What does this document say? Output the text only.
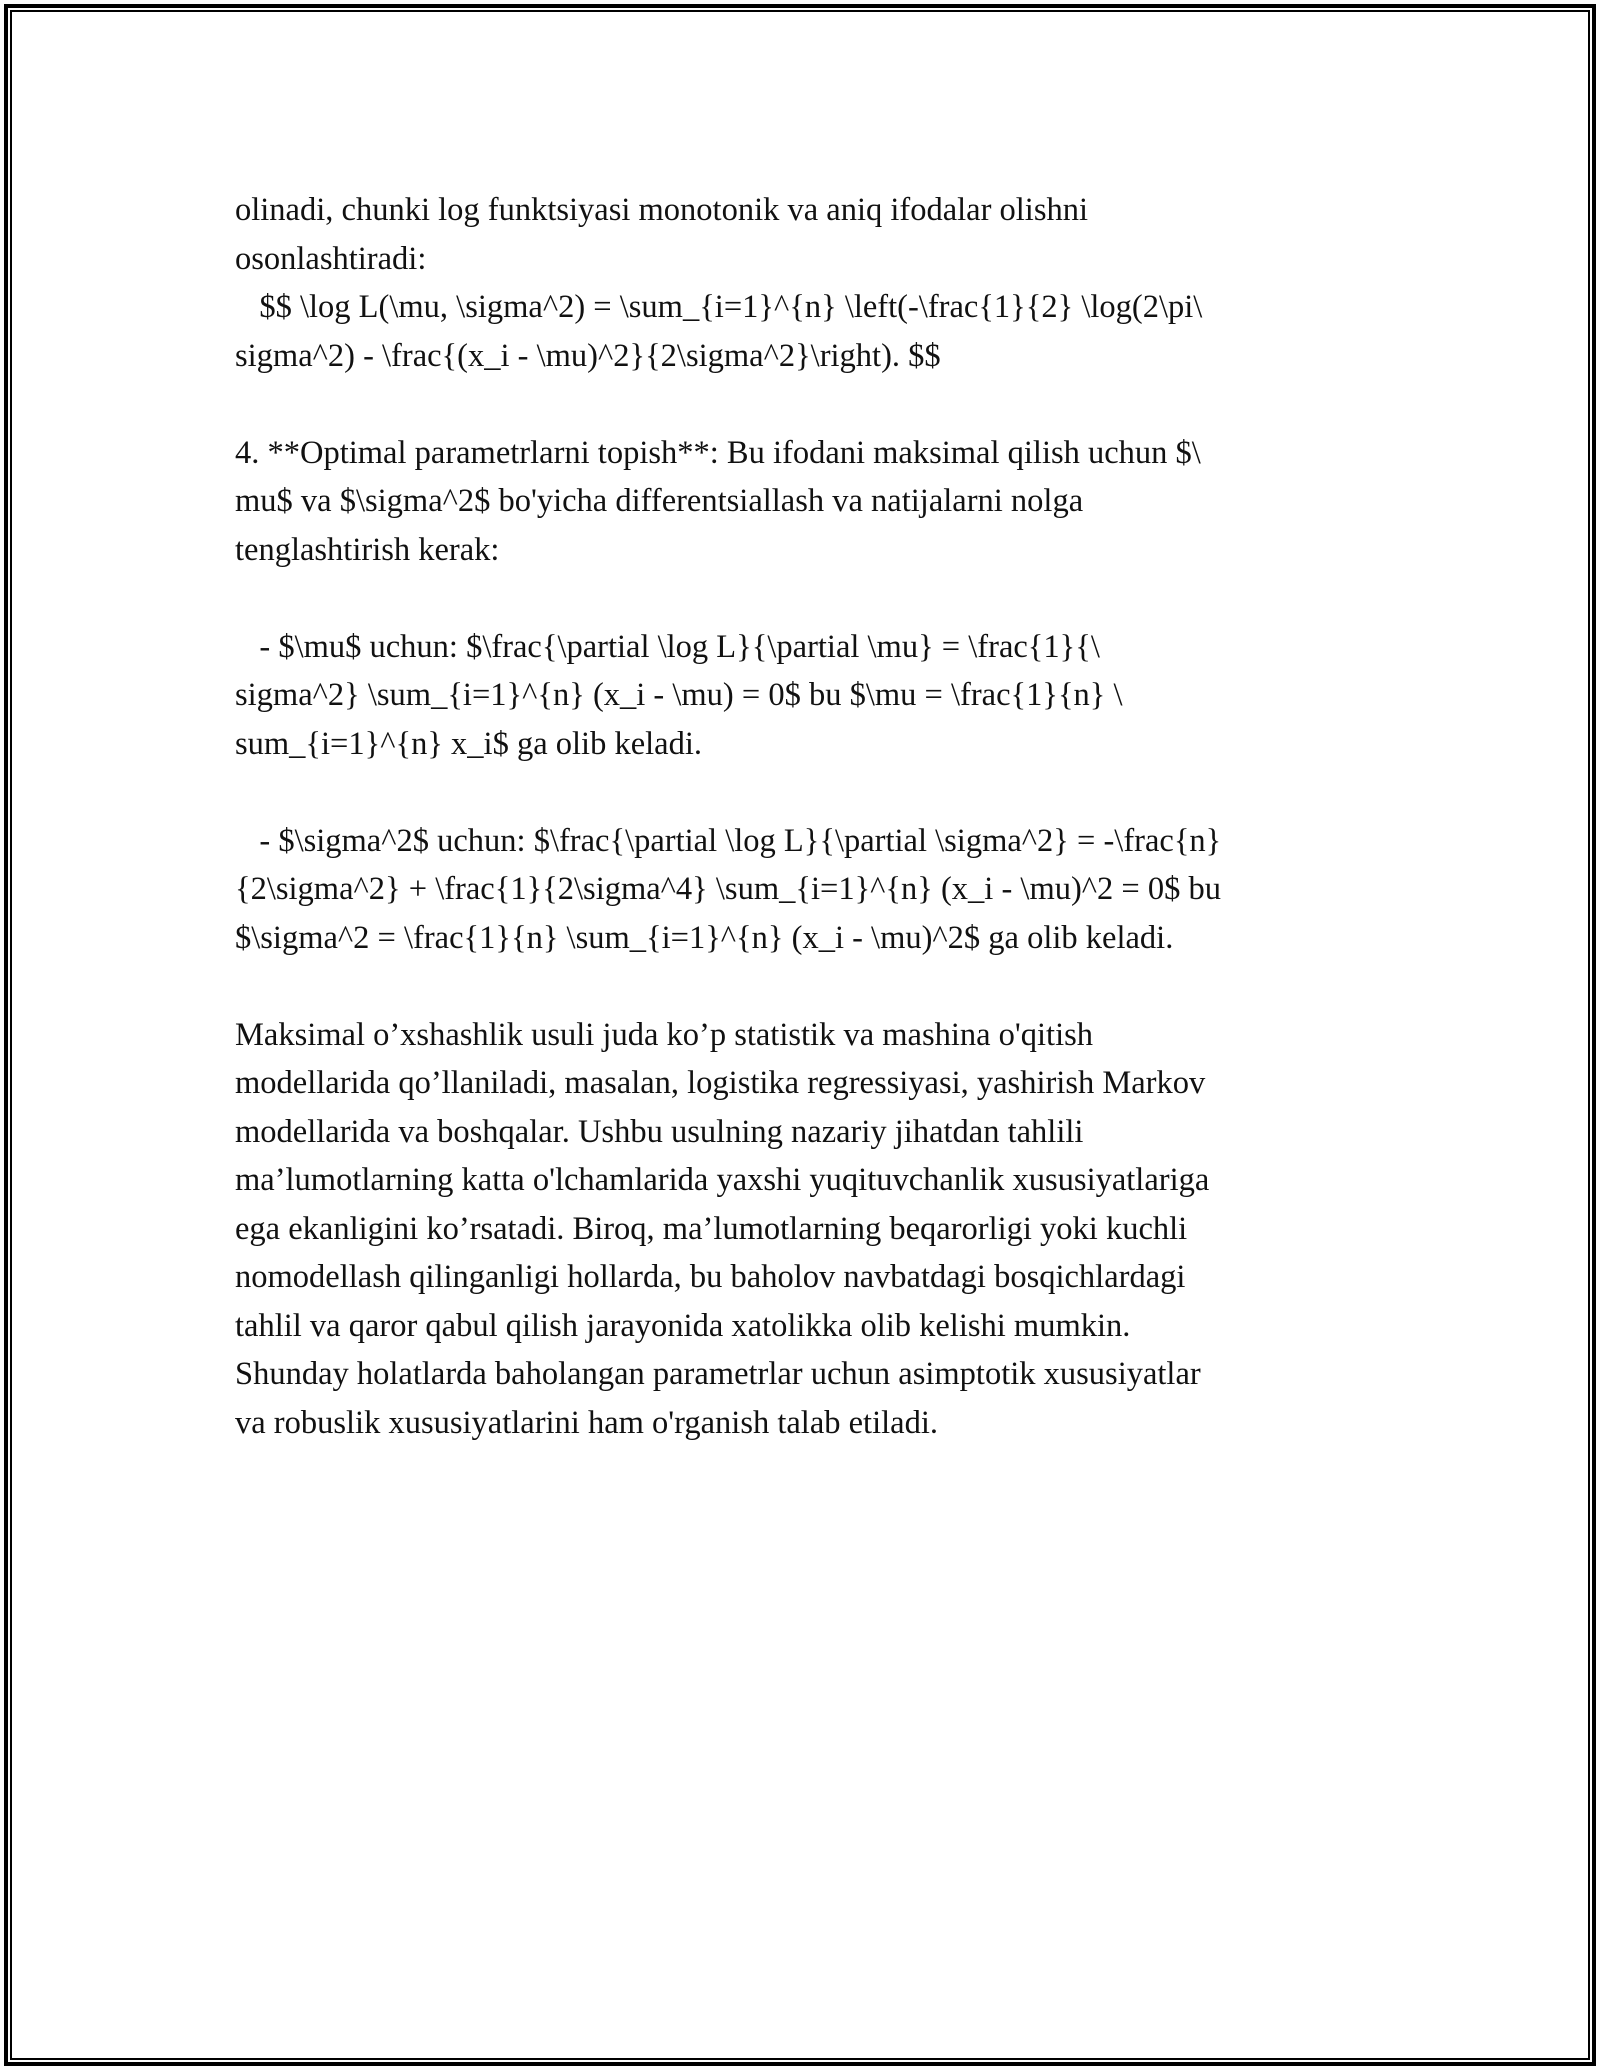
olinadi, chunki log funktsiyasi monotonik va aniq ifodalar olishni
osonlashtiradi:
$$ \log L(\mu, \sigma^2) = \sum_{i=1}^{n} \left(-\frac{1}{2} \log(2\pi\
sigma^2) - \frac{(x_i - \mu)^2}{2\sigma^2}\right). $$

4. **Optimal parametrlarni topish**: Bu ifodani maksimal qilish uchun $\
mu$ va $\sigma^2$ bo'yicha differentsiallash va natijalarni nolga
tenglashtirish kerak:

- $\mu$ uchun: $\frac{\partial \log L}{\partial \mu} = \frac{1}{\
sigma^2} \sum_{i=1}^{n} (x_i - \mu) = 0$ bu $\mu = \frac{1}{n} \
sum_{i=1}^{n} x_i$ ga olib keladi.

- $\sigma^2$ uchun: $\frac{\partial \log L}{\partial \sigma^2} = -\frac{n}
{2\sigma^2} + \frac{1}{2\sigma^4} \sum_{i=1}^{n} (x_i - \mu)^2 = 0$ bu
$\sigma^2 = \frac{1}{n} \sum_{i=1}^{n} (x_i - \mu)^2$ ga olib keladi.

Maksimal o’xshashlik usuli juda ko’p statistik va mashina o'qitish
modellarida qo’llaniladi, masalan, logistika regressiyasi, yashirish Markov
modellarida va boshqalar. Ushbu usulning nazariy jihatdan tahlili
ma’lumotlarning katta o'lchamlarida yaxshi yuqituvchanlik xususiyatlariga
ega ekanligini ko’rsatadi. Biroq, ma’lumotlarning beqarorligi yoki kuchli
nomodellash qilinganligi hollarda, bu baholov navbatdagi bosqichlardagi
tahlil va qaror qabul qilish jarayonida xatolikka olib kelishi mumkin.
Shunday holatlarda baholangan parametrlar uchun asimptotik xususiyatlar
va robuslik xususiyatlarini ham o'rganish talab etiladi.
